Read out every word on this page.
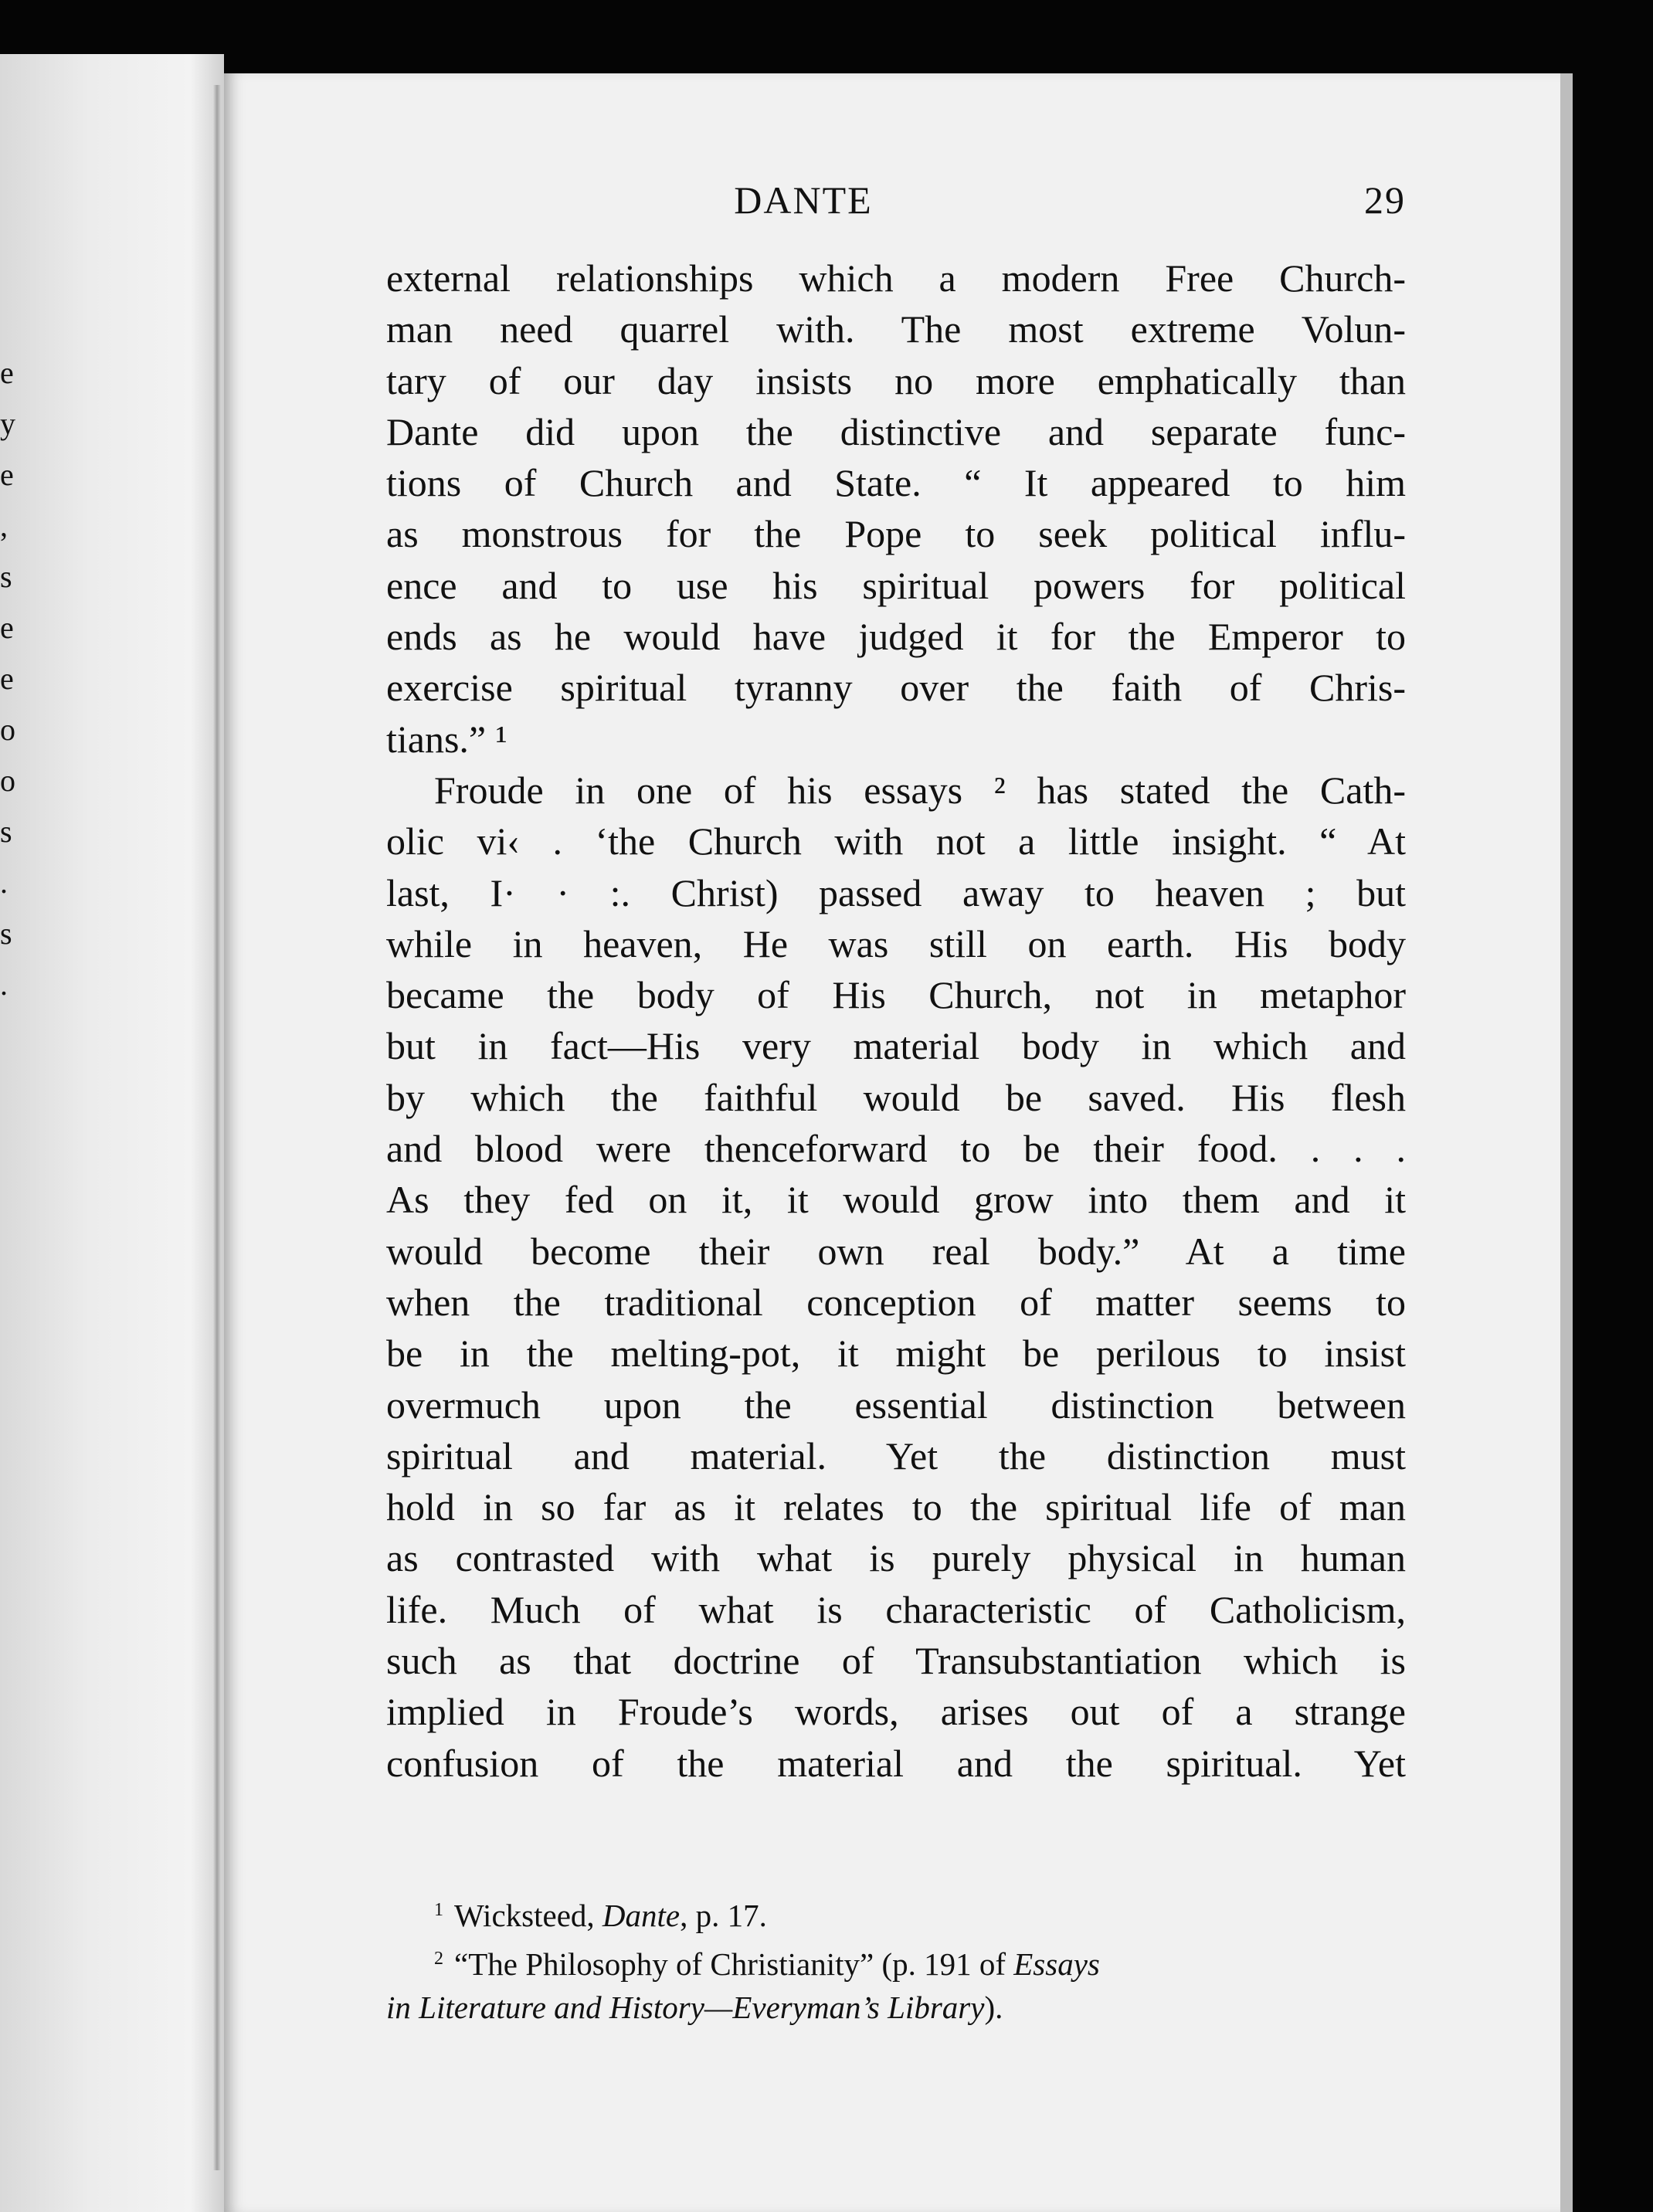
e
y
e
,
s
e
e
o
o
s
.
s
.
DANTE	29
external relationships which a modern Free Church-
man need quarrel with. The most extreme Volun-
tary of our day insists no more emphatically than
Dante did upon the distinctive and separate func-
tions of Church and State. “ It appeared to him
as monstrous for the Pope to seek political influ-
ence and to use his spiritual powers for political
ends as he would have judged it for the Emperor to
exercise spiritual tyranny over the faith of Chris-
tians.” ¹
Froude in one of his essays ² has stated the Cath-
olic vi‹ . ‘the Church with not a little insight. “ At
last, I· · :. Christ) passed away to heaven ; but
while in heaven, He was still on earth. His body
became the body of His Church, not in metaphor
but in fact—His very material body in which and
by which the faithful would be saved. His flesh
and blood were thenceforward to be their food. . . .
As they fed on it, it would grow into them and it
would become their own real body.” At a time
when the traditional conception of matter seems to
be in the melting-pot, it might be perilous to insist
overmuch upon the essential distinction between
spiritual and material. Yet the distinction must
hold in so far as it relates to the spiritual life of man
as contrasted with what is purely physical in human
life. Much of what is characteristic of Catholicism,
such as that doctrine of Transubstantiation which is
implied in Froude’s words, arises out of a strange
confusion of the material and the spiritual. Yet
$^1$ Wicksteed, Dante, p. 17.
$^2$ “The Philosophy of Christianity” (p. 191 of Essays
in Literature and History—Everyman’s Library).
